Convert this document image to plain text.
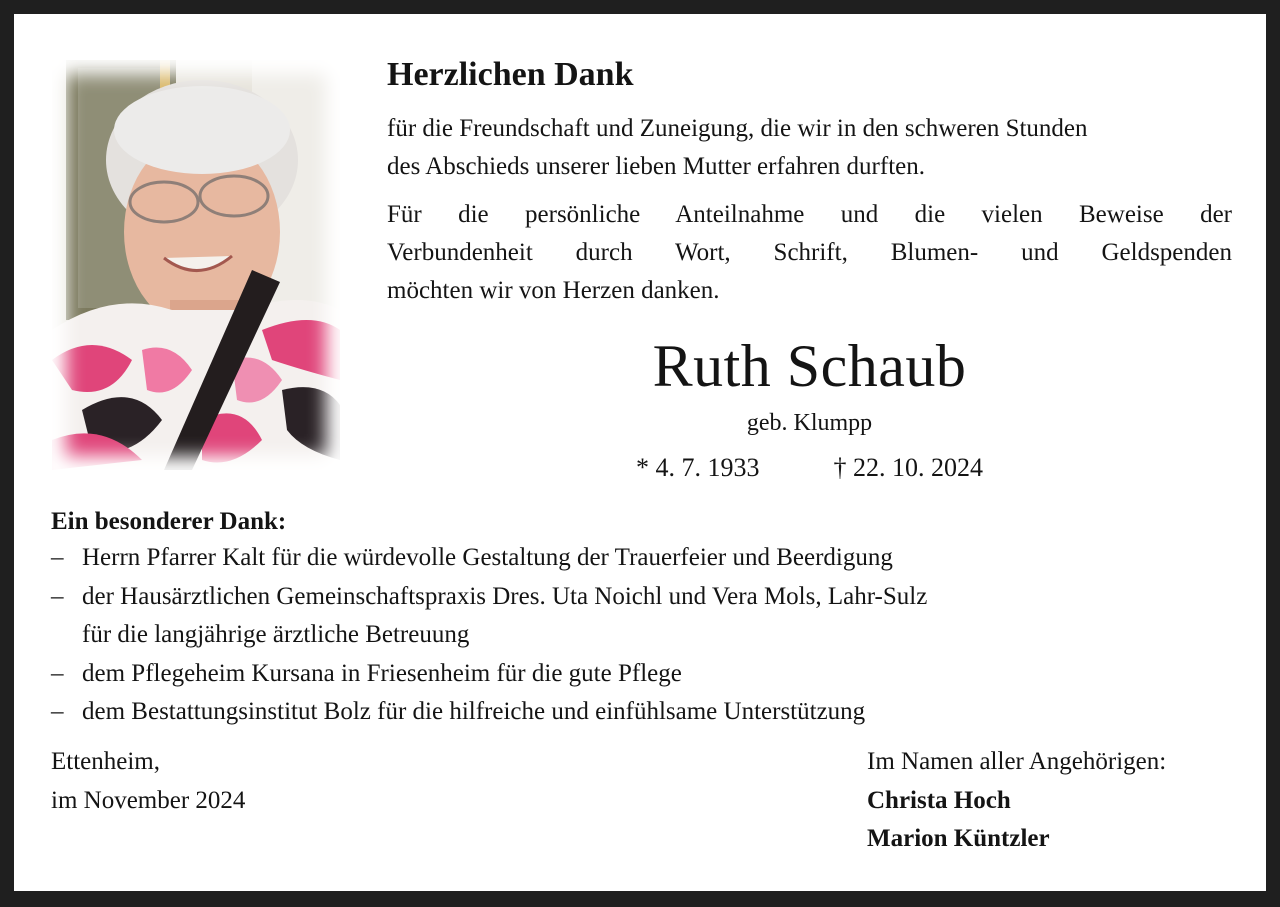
Herzlichen Dank
für die Freundschaft und Zuneigung, die wir in den schweren Stunden
des Abschieds unserer lieben Mutter erfahren durften.
Für die persönliche Anteilnahme und die vielen Beweise der
Verbundenheit durch Wort, Schrift, Blumen- und Geldspenden
möchten wir von Herzen danken.
Ruth Schaub
geb. Klumpp
* 4. 7. 1933	† 22. 10. 2024
Ein besonderer Dank:
– Herrn Pfarrer Kalt für die würdevolle Gestaltung der Trauerfeier und Beerdigung
– der Hausärztlichen Gemeinschaftspraxis Dres. Uta Noichl und Vera Mols, Lahr-Sulz
für die langjährige ärztliche Betreuung
– dem Pflegeheim Kursana in Friesenheim für die gute Pflege
– dem Bestattungsinstitut Bolz für die hilfreiche und einfühlsame Unterstützung
Ettenheim,
im November 2024
Im Namen aller Angehörigen:
Christa Hoch
Marion Küntzler
